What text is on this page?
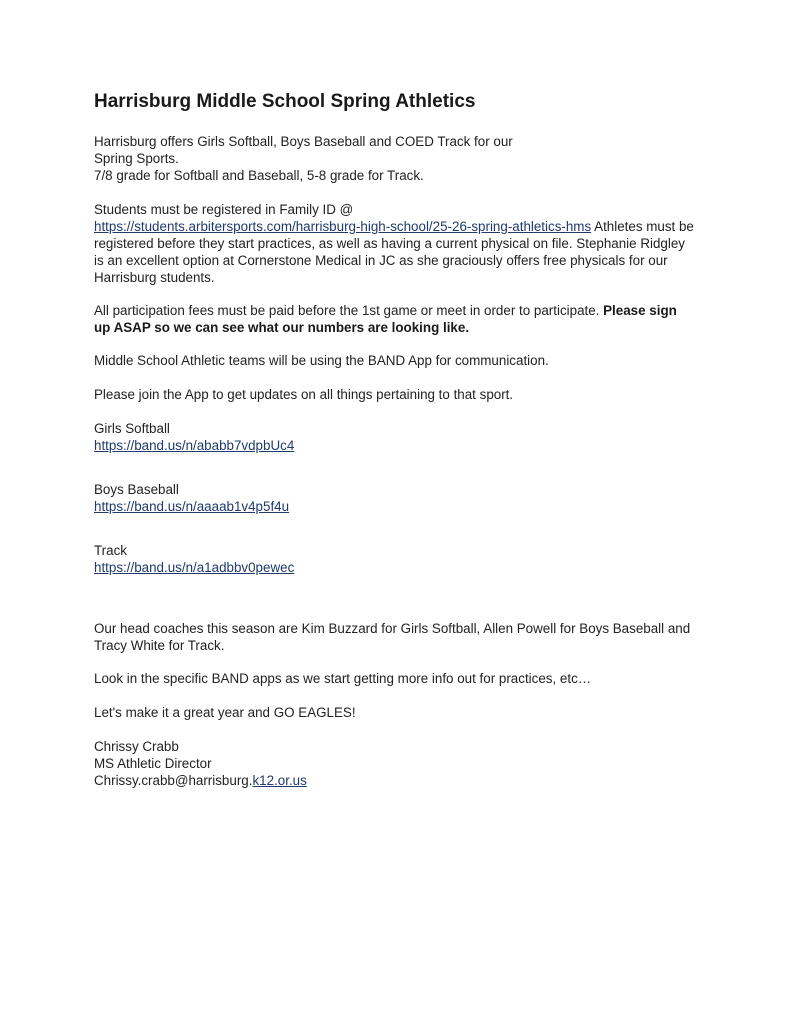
Harrisburg Middle School Spring Athletics

Harrisburg offers Girls Softball, Boys Baseball and COED Track for our

Spring Sports.

7/8 grade for Softball and Baseball, 5-8 grade for Track.

Students must be registered in Family ID @

https://students.arbitersports.com/harrisburg-high-school/25-26-spring-athletics-hms Athletes must be registered before they start practices, as well as having a current physical on file. Stephanie Ridgley is an excellent option at Cornerstone Medical in JC as she graciously offers free physicals for our Harrisburg students.

All participation fees must be paid before the 1st game or meet in order to participate. Please sign up ASAP so we can see what our numbers are looking like.

Middle School Athletic teams will be using the BAND App for communication.

Please join the App to get updates on all things pertaining to that sport.

Girls Softball

https://band.us/n/ababb7vdpbUc4

Boys Baseball

https://band.us/n/aaaab1v4p5f4u

Track

https://band.us/n/a1adbbv0pewec

Our head coaches this season are Kim Buzzard for Girls Softball, Allen Powell for Boys Baseball and Tracy White for Track.

Look in the specific BAND apps as we start getting more info out for practices, etc…

Let's make it a great year and GO EAGLES!

Chrissy Crabb

MS Athletic Director

Chrissy.crabb@harrisburg.k12.or.us
